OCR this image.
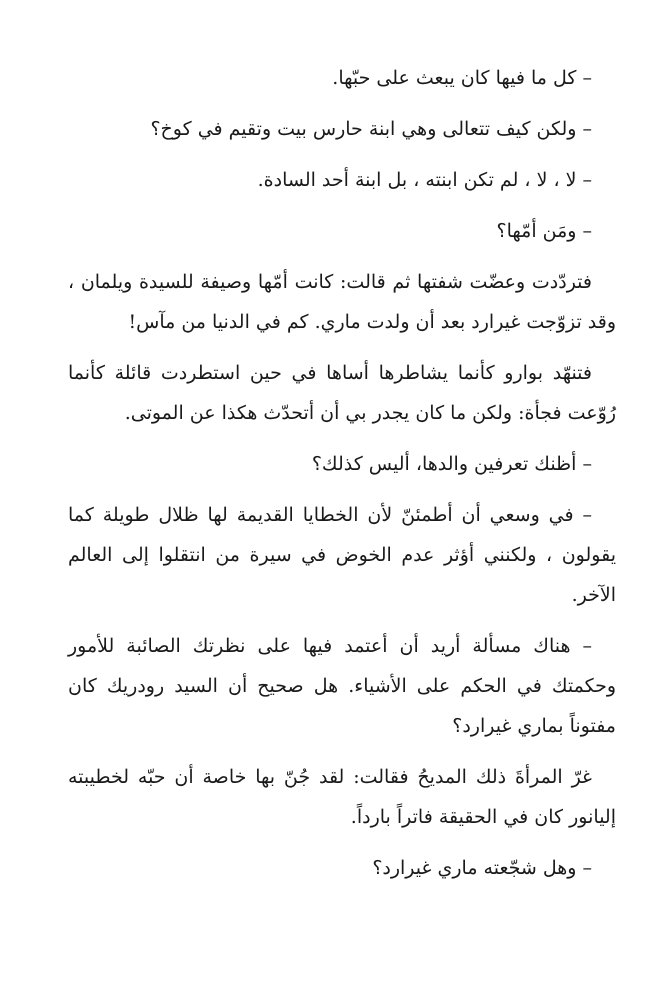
– كل ما فيها كان يبعث على حبّها.

– ولكن كيف تتعالى وهي ابنة حارس بيت وتقيم في كوخ؟

– لا ، لا ، لم تكن ابنته ، بل ابنة أحد السادة.

– ومَن أمّها؟

فتردّدت وعضّت شفتها ثم قالت: كانت أمّها وصيفة للسيدة ويلمان ، وقد تزوّجت غيرارد بعد أن ولدت ماري. كم في الدنيا من مآس!

فتنهّد بوارو كأنما يشاطرها أساها في حين استطردت قائلة كأنما رُوّعت فجأة: ولكن ما كان يجدر بي أن أتحدّث هكذا عن الموتى.

– أظنك تعرفين والدها، أليس كذلك؟

– في وسعي أن أطمئنّ لأن الخطايا القديمة لها ظلال طويلة كما يقولون ، ولكنني أؤثر عدم الخوض في سيرة من انتقلوا إلى العالم الآخر.

– هناك مسألة أريد أن أعتمد فيها على نظرتك الصائبة للأمور وحكمتك في الحكم على الأشياء. هل صحيح أن السيد رودريك كان مفتوناً بماري غيرارد؟

غرّ المرأةَ ذلك المديحُ فقالت: لقد جُنّ بها خاصة أن حبّه لخطيبته إليانور كان في الحقيقة فاتراً بارداً.

– وهل شجّعته ماري غيرارد؟
